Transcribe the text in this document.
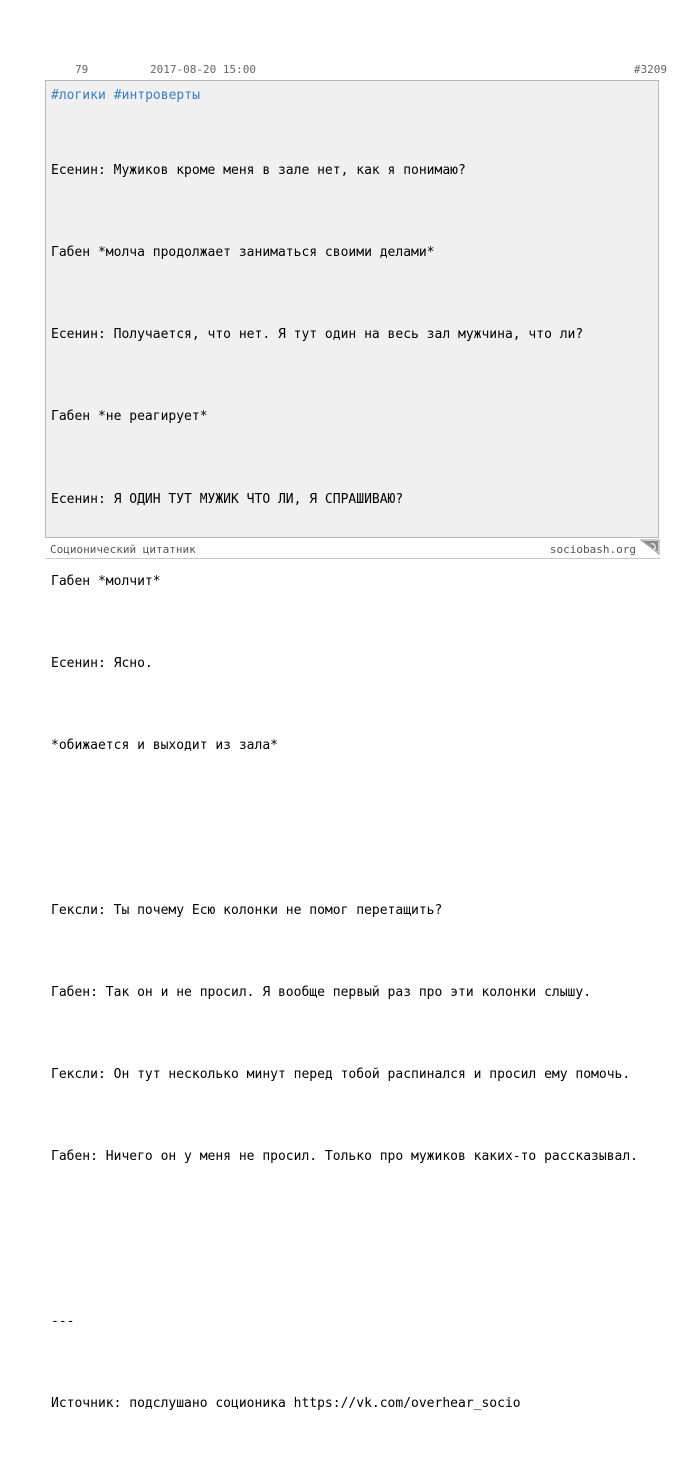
79	2017-08-20 15:00	#3209
#логики #интроверты

Есенин: Мужиков кроме меня в зале нет, как я понимаю?

Габен *молча продолжает заниматься своими делами*

Есенин: Получается, что нет. Я тут один на весь зал мужчина, что ли?

Габен *не реагирует*

Есенин: Я ОДИН ТУТ МУЖИК ЧТО ЛИ, Я СПРАШИВАЮ?

Габен *молчит*

Есенин: Ясно.

*обижается и выходит из зала*

Гексли: Ты почему Есю колонки не помог перетащить?

Габен: Так он и не просил. Я вообще первый раз про эти колонки слышу.

Гексли: Он тут несколько минут перед тобой распинался и просил ему помочь.

Габен: Ничего он у меня не просил. Только про мужиков каких-то рассказывал.

---

Источник: подслушано соционика https://vk.com/overhear_socio

Соционический цитатник	sociobash.org
